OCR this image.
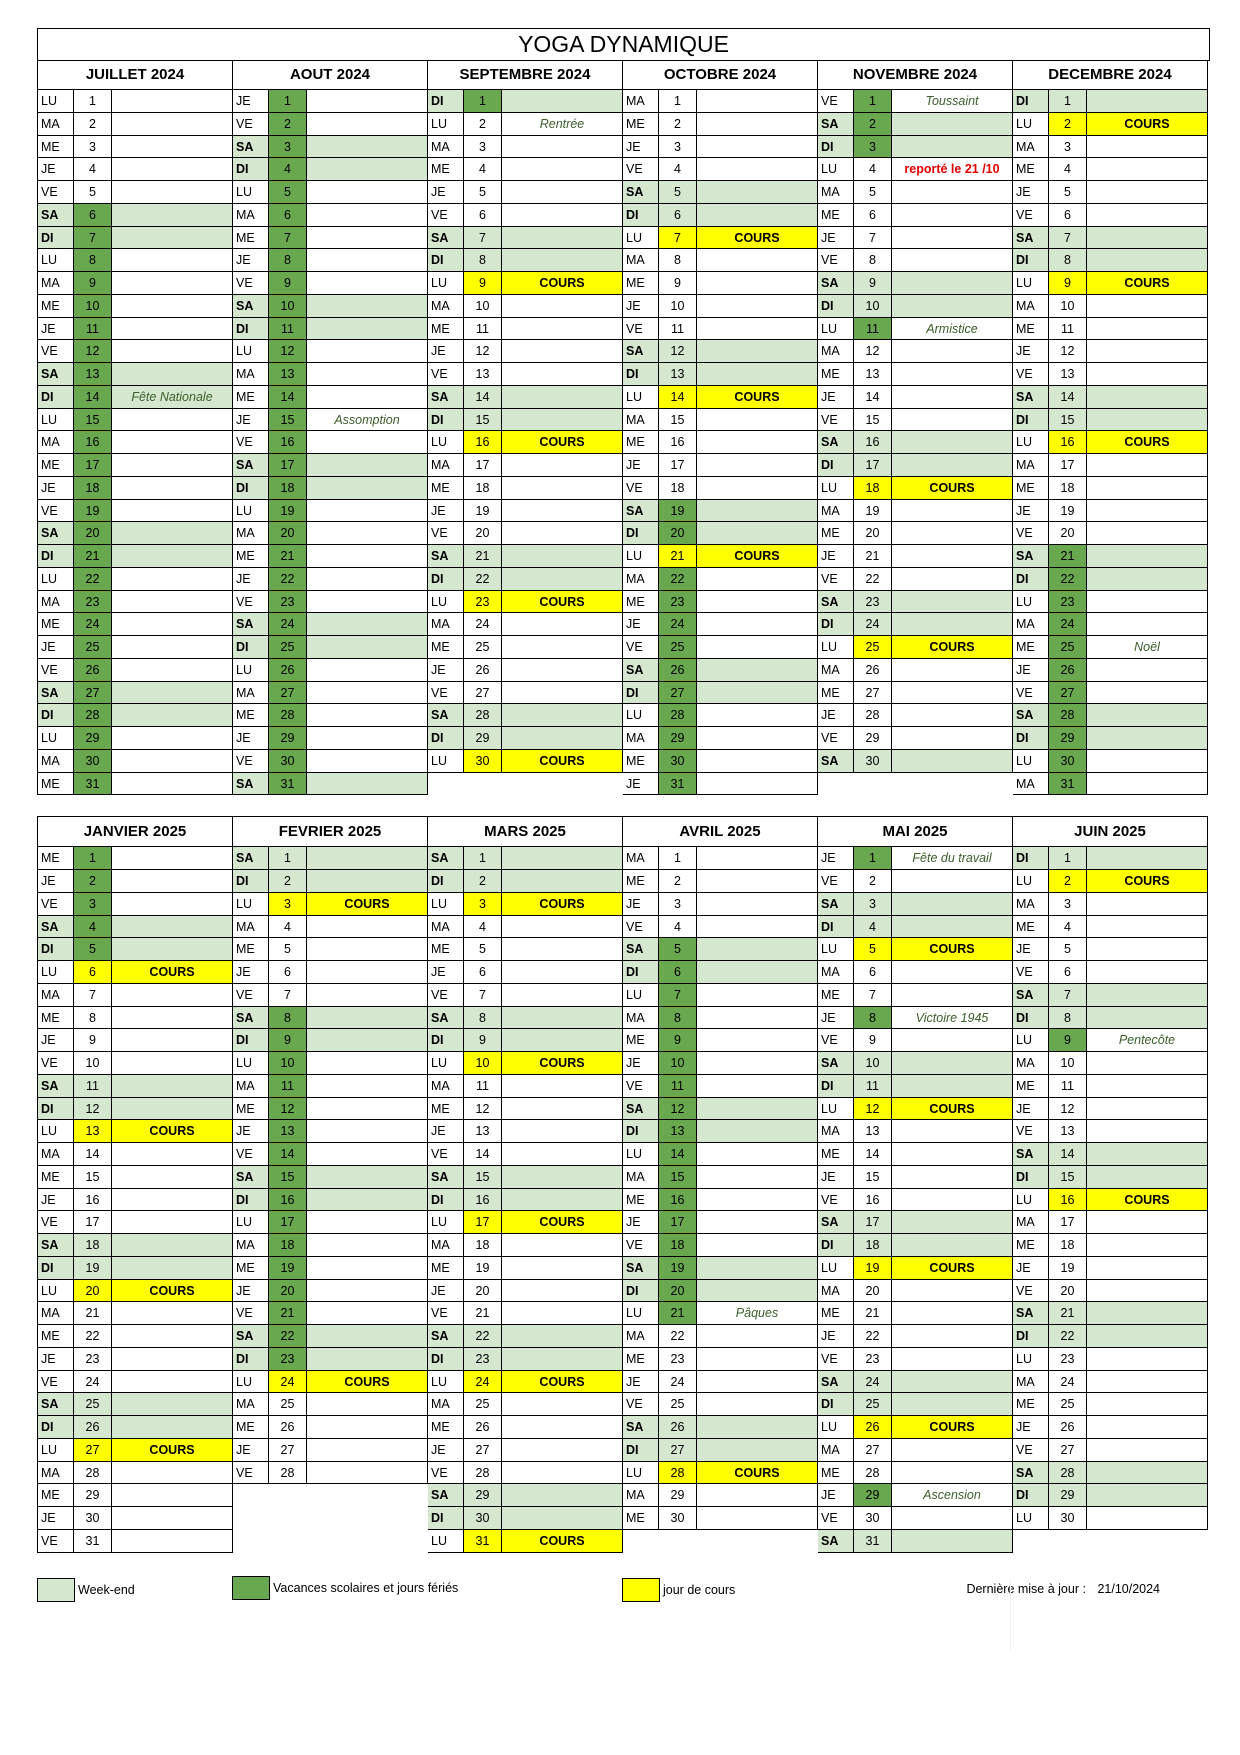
YOGA DYNAMIQUE
JUILLET 2024
LU	1
MA	2
ME	3
JE	4
VE	5
SA	6
DI	7
LU	8
MA	9
ME	10
JE	11
VE	12
SA	13
DI	14	Fête Nationale
LU	15
MA	16
ME	17
JE	18
VE	19
SA	20
DI	21
LU	22
MA	23
ME	24
JE	25
VE	26
SA	27
DI	28
LU	29
MA	30
ME	31
AOUT 2024
JE	1
VE	2
SA	3
DI	4
LU	5
MA	6
ME	7
JE	8
VE	9
SA	10
DI	11
LU	12
MA	13
ME	14
JE	15	Assomption
VE	16
SA	17
DI	18
LU	19
MA	20
ME	21
JE	22
VE	23
SA	24
DI	25
LU	26
MA	27
ME	28
JE	29
VE	30
SA	31
SEPTEMBRE 2024
DI	1
LU	2	Rentrée
MA	3
ME	4
JE	5
VE	6
SA	7
DI	8
LU	9	COURS
MA	10
ME	11
JE	12
VE	13
SA	14
DI	15
LU	16	COURS
MA	17
ME	18
JE	19
VE	20
SA	21
DI	22
LU	23	COURS
MA	24
ME	25
JE	26
VE	27
SA	28
DI	29
LU	30	COURS
OCTOBRE 2024
MA	1
ME	2
JE	3
VE	4
SA	5
DI	6
LU	7	COURS
MA	8
ME	9
JE	10
VE	11
SA	12
DI	13
LU	14	COURS
MA	15
ME	16
JE	17
VE	18
SA	19
DI	20
LU	21	COURS
MA	22
ME	23
JE	24
VE	25
SA	26
DI	27
LU	28
MA	29
ME	30
JE	31
NOVEMBRE 2024
VE	1	Toussaint
SA	2
DI	3
LU	4	reporté le 21 /10
MA	5
ME	6
JE	7
VE	8
SA	9
DI	10
LU	11	Armistice
MA	12
ME	13
JE	14
VE	15
SA	16
DI	17
LU	18	COURS
MA	19
ME	20
JE	21
VE	22
SA	23
DI	24
LU	25	COURS
MA	26
ME	27
JE	28
VE	29
SA	30
DECEMBRE 2024
DI	1
LU	2	COURS
MA	3
ME	4
JE	5
VE	6
SA	7
DI	8
LU	9	COURS
MA	10
ME	11
JE	12
VE	13
SA	14
DI	15
LU	16	COURS
MA	17
ME	18
JE	19
VE	20
SA	21
DI	22
LU	23
MA	24
ME	25	Noël
JE	26
VE	27
SA	28
DI	29
LU	30
MA	31
JANVIER 2025
ME	1
JE	2
VE	3
SA	4
DI	5
LU	6	COURS
MA	7
ME	8
JE	9
VE	10
SA	11
DI	12
LU	13	COURS
MA	14
ME	15
JE	16
VE	17
SA	18
DI	19
LU	20	COURS
MA	21
ME	22
JE	23
VE	24
SA	25
DI	26
LU	27	COURS
MA	28
ME	29
JE	30
VE	31
FEVRIER 2025
SA	1
DI	2
LU	3	COURS
MA	4
ME	5
JE	6
VE	7
SA	8
DI	9
LU	10
MA	11
ME	12
JE	13
VE	14
SA	15
DI	16
LU	17
MA	18
ME	19
JE	20
VE	21
SA	22
DI	23
LU	24	COURS
MA	25
ME	26
JE	27
VE	28
MARS 2025
SA	1
DI	2
LU	3	COURS
MA	4
ME	5
JE	6
VE	7
SA	8
DI	9
LU	10	COURS
MA	11
ME	12
JE	13
VE	14
SA	15
DI	16
LU	17	COURS
MA	18
ME	19
JE	20
VE	21
SA	22
DI	23
LU	24	COURS
MA	25
ME	26
JE	27
VE	28
SA	29
DI	30
LU	31	COURS
AVRIL 2025
MA	1
ME	2
JE	3
VE	4
SA	5
DI	6
LU	7
MA	8
ME	9
JE	10
VE	11
SA	12
DI	13
LU	14
MA	15
ME	16
JE	17
VE	18
SA	19
DI	20
LU	21	Pâques
MA	22
ME	23
JE	24
VE	25
SA	26
DI	27
LU	28	COURS
MA	29
ME	30
MAI 2025
JE	1	Fête du travail
VE	2
SA	3
DI	4
LU	5	COURS
MA	6
ME	7
JE	8	Victoire 1945
VE	9
SA	10
DI	11
LU	12	COURS
MA	13
ME	14
JE	15
VE	16
SA	17
DI	18
LU	19	COURS
MA	20
ME	21
JE	22
VE	23
SA	24
DI	25
LU	26	COURS
MA	27
ME	28
JE	29	Ascension
VE	30
SA	31
JUIN 2025
DI	1
LU	2	COURS
MA	3
ME	4
JE	5
VE	6
SA	7
DI	8
LU	9	Pentecôte
MA	10
ME	11
JE	12
VE	13
SA	14
DI	15
LU	16	COURS
MA	17
ME	18
JE	19
VE	20
SA	21
DI	22
LU	23
MA	24
ME	25
JE	26
VE	27
SA	28
DI	29
LU	30
Week-end	Vacances scolaires et jours fériés	jour de cours	Dernière mise à jour : 21/10/2024
